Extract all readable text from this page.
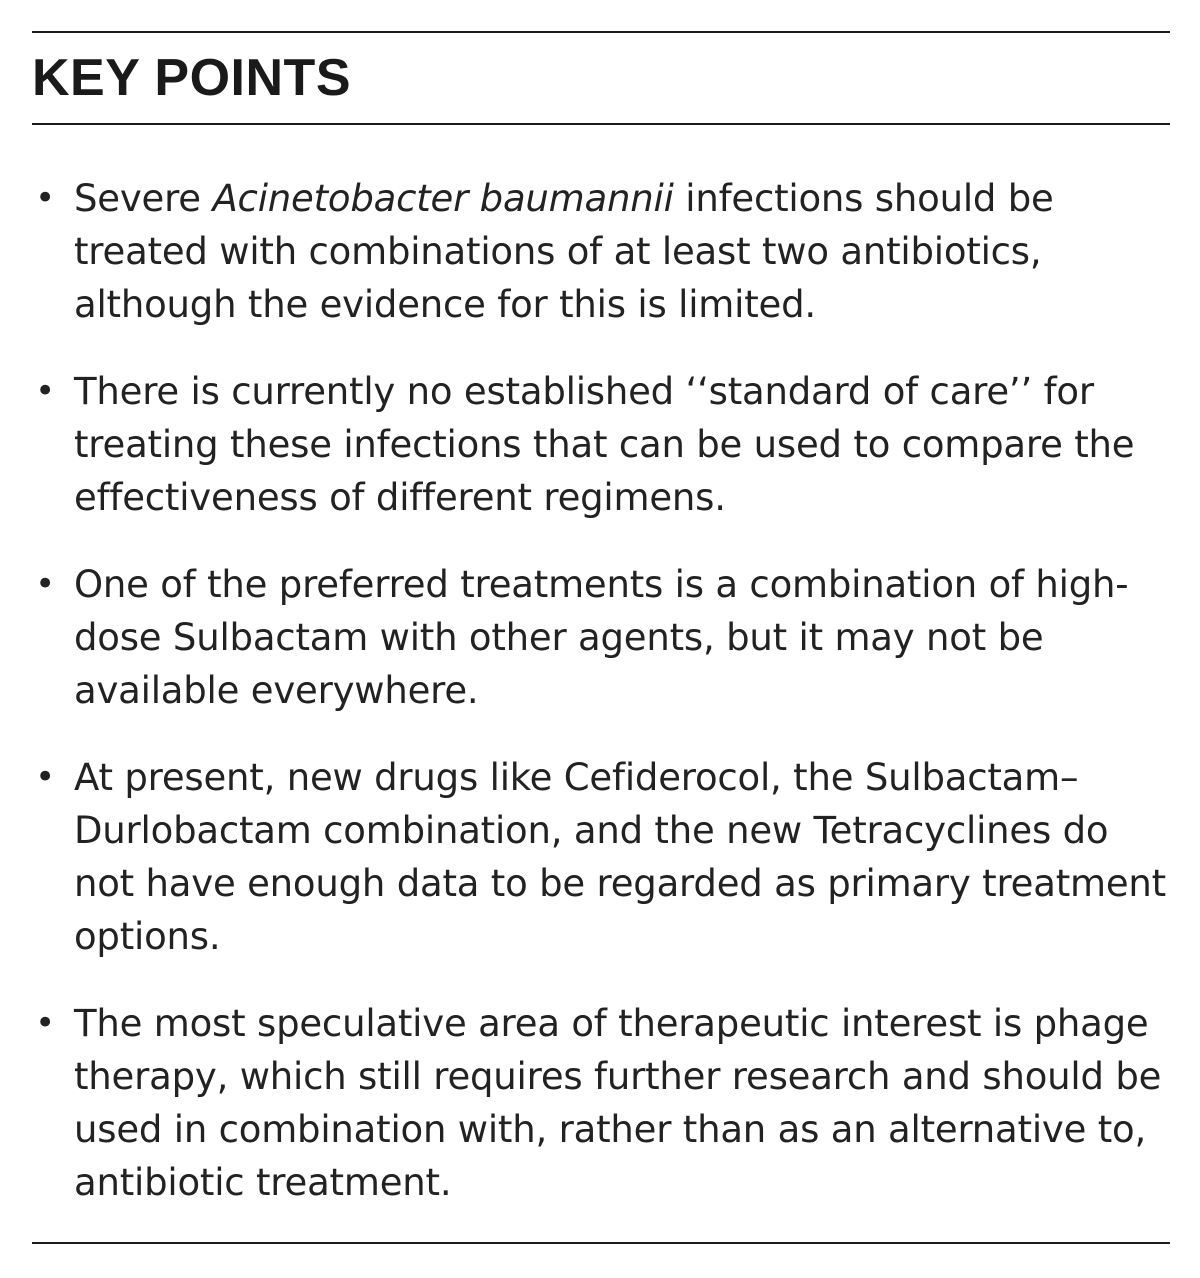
KEY POINTS
• Severe Acinetobacter baumannii infections should be treated with combinations of at least two antibiotics, although the evidence for this is limited.
• There is currently no established ‘‘standard of care’’ for treating these infections that can be used to compare the effectiveness of different regimens.
• One of the preferred treatments is a combination of high-dose Sulbactam with other agents, but it may not be available everywhere.
• At present, new drugs like Cefiderocol, the Sulbactam–Durlobactam combination, and the new Tetracyclines do not have enough data to be regarded as primary treatment options.
• The most speculative area of therapeutic interest is phage therapy, which still requires further research and should be used in combination with, rather than as an alternative to, antibiotic treatment.
